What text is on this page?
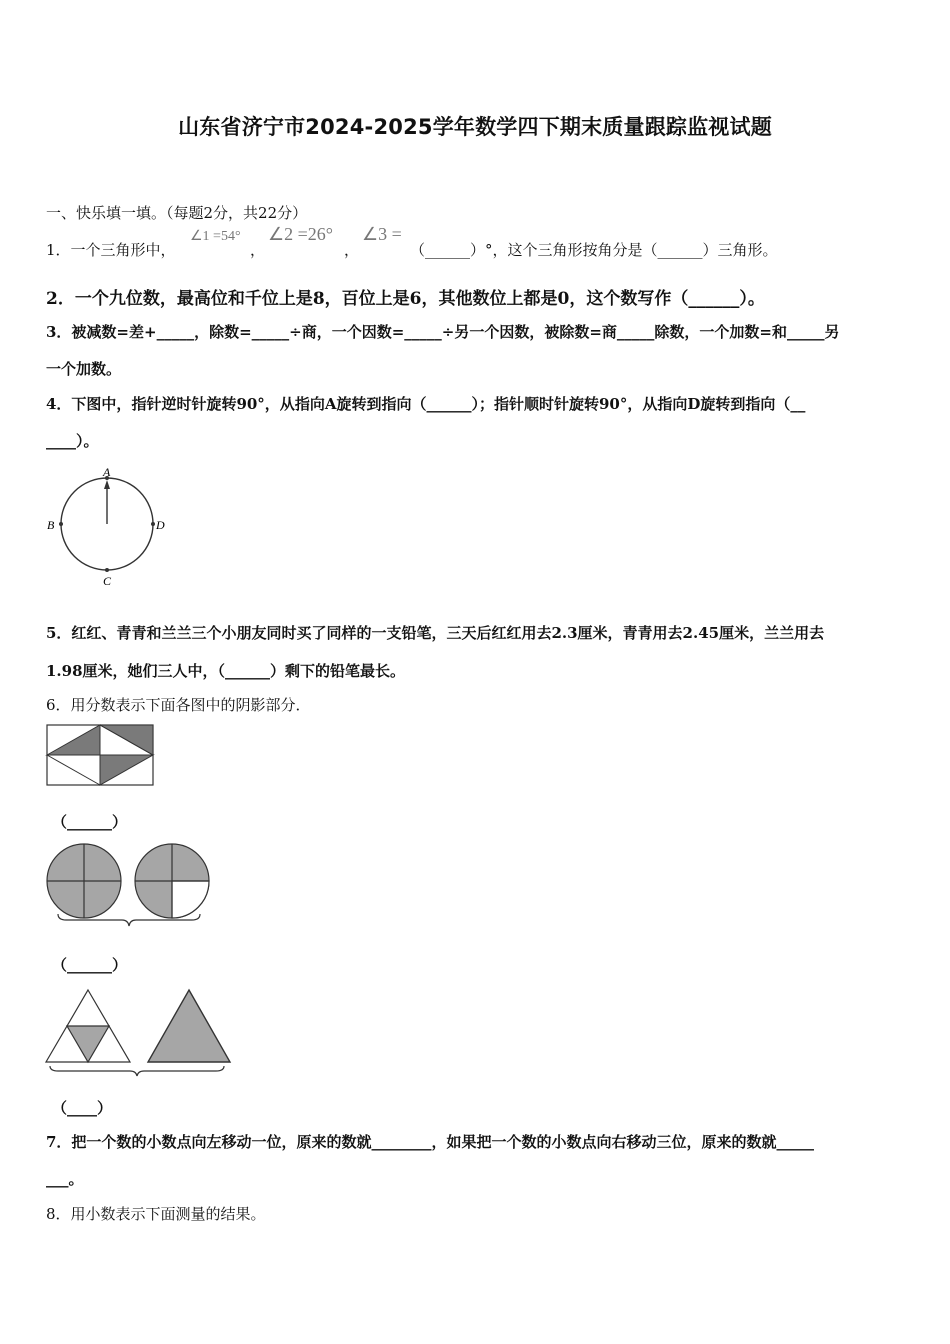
山东省济宁市2024-2025学年数学四下期末质量跟踪监视试题
一、快乐填一填。（每题2分，共22分）
1．一个三角形中，
∠1 =54°
，
∠2 =26°
，
∠3 =
（______）°，这个三角形按角分是（______）三角形。
2．一个九位数，最高位和千位上是8，百位上是6，其他数位上都是0，这个数写作（______）。
3．被减数=差+_____，除数=_____÷商，一个因数=_____÷另一个因数，被除数=商_____除数，一个加数=和_____另
一个加数。
4．下图中，指针逆时针旋转90°，从指向A旋转到指向（______）；指针顺时针旋转90°，从指向D旋转到指向（__
____）。
A
B	D
C
5．红红、青青和兰兰三个小朋友同时买了同样的一支铅笔，三天后红红用去2.3厘米，青青用去2.45厘米，兰兰用去
1.98厘米，她们三人中，（______）剩下的铅笔最长。
6．用分数表示下面各图中的阴影部分．
（______）
（______）
（____）
7．把一个数的小数点向左移动一位，原来的数就________，如果把一个数的小数点向右移动三位，原来的数就_____
___。
8．用小数表示下面测量的结果。
